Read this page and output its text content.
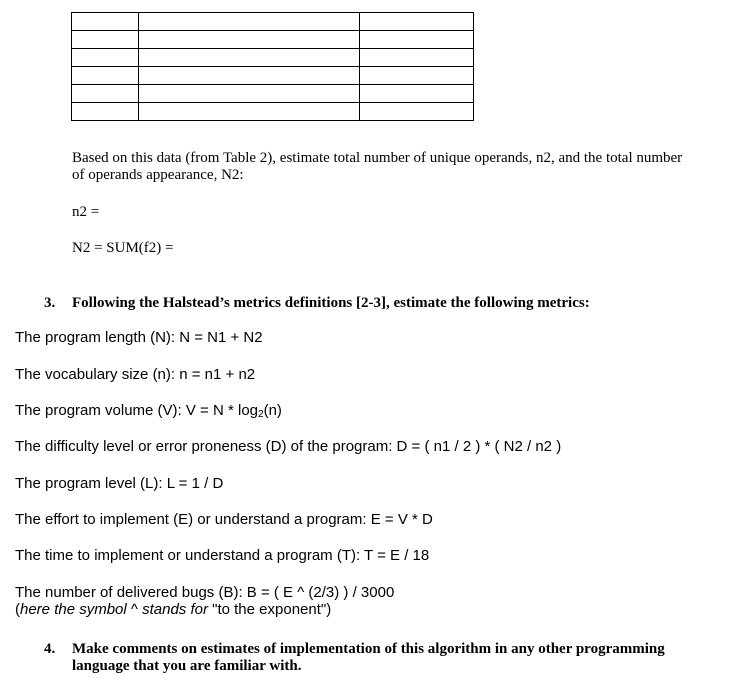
Based on this data (from Table 2), estimate total number of unique operands, n2, and the total number
of operands appearance, N2:
n2 =
N2 = SUM(f2) =
3. Following the Halstead’s metrics definitions [2-3], estimate the following metrics:
The program length (N): N = N1 + N2
The vocabulary size (n): n = n1 + n2
The program volume (V): $V = N * \log_2(n)$
The difficulty level or error proneness (D) of the program: D = ( n1 / 2 ) * ( N2 / n2 )
The program level (L): L = 1 / D
The effort to implement (E) or understand a program: E = V * D
The time to implement or understand a program (T): T = E / 18
The number of delivered bugs (B): B = ( E ^ (2/3) ) / 3000
(here the symbol ^ stands for "to the exponent")
4. Make comments on estimates of implementation of this algorithm in any other programming
language that you are familiar with.
